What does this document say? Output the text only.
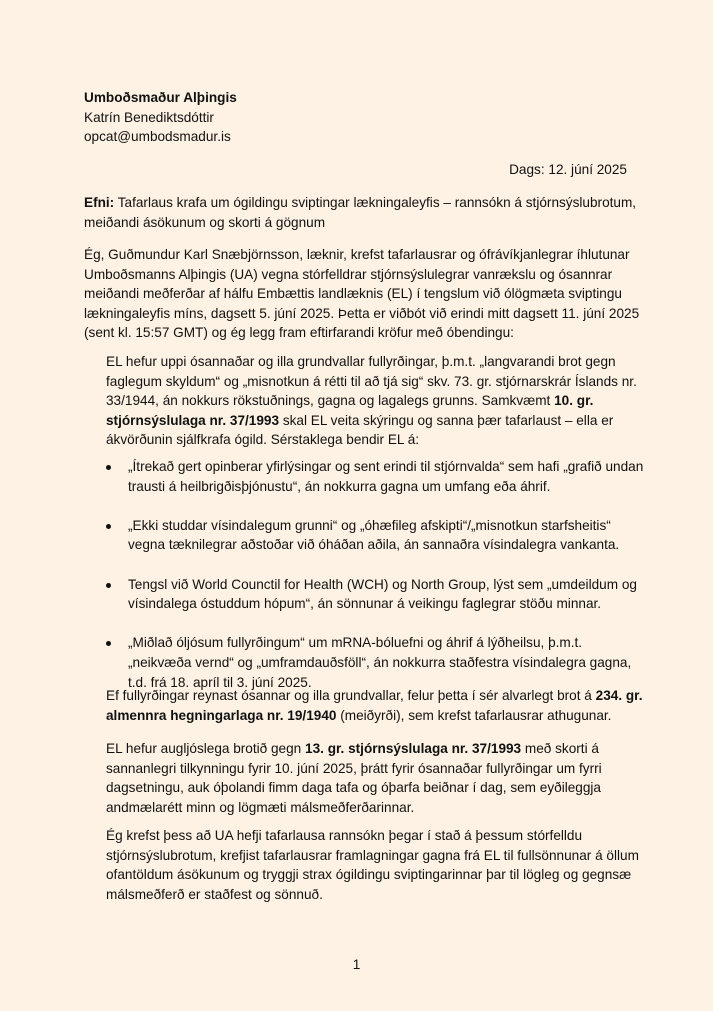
Umboðsmaður Alþingis
Katrín Benediktsdóttir
opcat@umbodsmadur.is
Dags: 12. júní 2025
Efni: Tafarlaus krafa um ógildingu sviptingar lækningaleyfis – rannsókn á stjórnsýslubrotum, meiðandi ásökunum og skorti á gögnum
Ég, Guðmundur Karl Snæbjörnsson, læknir, krefst tafarlausrar og ófrávíkjanlegrar íhlutunar Umboðsmanns Alþingis (UA) vegna stórfelldrar stjórnsýslulegrar vanrækslu og ósannrar meiðandi meðferðar af hálfu Embættis landlæknis (EL) í tengslum við ólögmæta sviptingu lækningaleyfis míns, dagsett 5. júní 2025. Þetta er viðbót við erindi mitt dagsett 11. júní 2025 (sent kl. 15:57 GMT) og ég legg fram eftirfarandi kröfur með óbendingu:
EL hefur uppi ósannaðar og illa grundvallar fullyrðingar, þ.m.t. „langvarandi brot gegn faglegum skyldum“ og „misnotkun á rétti til að tjá sig“ skv. 73. gr. stjórnarskrár Íslands nr. 33/1944, án nokkurs rökstuðnings, gagna og lagalegs grunns. Samkvæmt 10. gr. stjórnsýslulaga nr. 37/1993 skal EL veita skýringu og sanna þær tafarlaust – ella er ákvörðunin sjálfkrafa ógild. Sérstaklega bendir EL á:
„Ítrekað gert opinberar yfirlýsingar og sent erindi til stjórnvalda“ sem hafi „grafið undan trausti á heilbrigðisþjónustu“, án nokkurra gagna um umfang eða áhrif.
„Ekki studdar vísindalegum grunni“ og „óhæfileg afskipti“/„misnotkun starfsheitis“ vegna tæknilegrar aðstoðar við óháðan aðila, án sannaðra vísindalegra vankanta.
Tengsl við World Counctil for Health (WCH) og North Group, lýst sem „umdeildum og vísindalega óstuddum hópum“, án sönnunar á veikingu faglegrar stöðu minnar.
„Miðlað óljósum fullyrðingum“ um mRNA-bóluefni og áhrif á lýðheilsu, þ.m.t. „neikvæða vernd“ og „umframdauðsföll“, án nokkurra staðfestra vísindalegra gagna, t.d. frá 18. apríl til 3. júní 2025.
Ef fullyrðingar reynast ósannar og illa grundvallar, felur þetta í sér alvarlegt brot á 234. gr. almennra hegningarlaga nr. 19/1940 (meiðyrði), sem krefst tafarlausrar athugunar.
EL hefur augljóslega brotið gegn 13. gr. stjórnsýslulaga nr. 37/1993 með skorti á sannanlegri tilkynningu fyrir 10. júní 2025, þrátt fyrir ósannaðar fullyrðingar um fyrri dagsetningu, auk óþolandi fimm daga tafa og óþarfa beiðnar í dag, sem eyðileggja andmælarétt minn og lögmæti málsmeðferðarinnar.
Ég krefst þess að UA hefji tafarlausa rannsókn þegar í stað á þessum stórfelldu stjórnsýslubrotum, krefjist tafarlausrar framlagningar gagna frá EL til fullsönnunar á öllum ofantöldum ásökunum og tryggji strax ógildingu sviptingarinnar þar til lögleg og gegnsæ málsmeðferð er staðfest og sönnuð.
1
